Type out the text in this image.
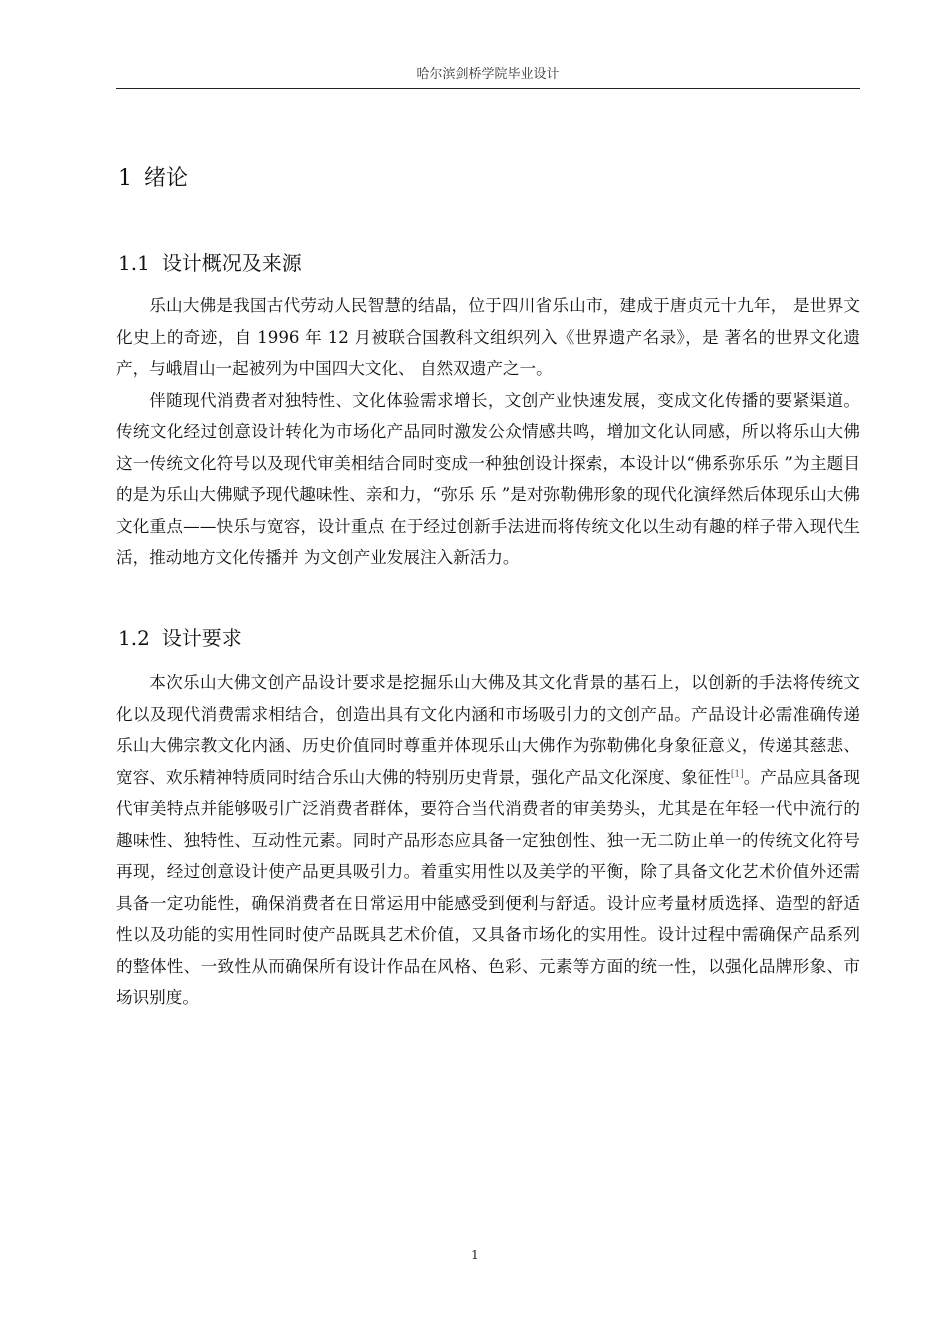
哈尔滨剑桥学院毕业设计
1 绪论
1.1 设计概况及来源

乐山大佛是我国古代劳动人民智慧的结晶，位于四川省乐山市，建成于唐贞元十九年， 是世界文化史上的奇迹，自 1996 年 12 月被联合国教科文组织列入《世界遗产名录》，是 著名的世界文化遗产，与峨眉山一起被列为中国四大文化、 自然双遗产之一。

伴随现代消费者对独特性、文化体验需求增长，文创产业快速发展，变成文化传播的要紧渠道。传统文化经过创意设计转化为市场化产品同时激发公众情感共鸣，增加文化认同感，所以将乐山大佛这一传统文化符号以及现代审美相结合同时变成一种独创设计探索，本设计以“佛系弥乐乐 ”为主题目的是为乐山大佛赋予现代趣味性、亲和力，“弥乐 乐 ”是对弥勒佛形象的现代化演绎然后体现乐山大佛文化重点——快乐与宽容，设计重点 在于经过创新手法进而将传统文化以生动有趣的样子带入现代生活，推动地方文化传播并 为文创产业发展注入新活力。

1.2 设计要求

本次乐山大佛文创产品设计要求是挖掘乐山大佛及其文化背景的基石上，以创新的手法将传统文化以及现代消费需求相结合，创造出具有文化内涵和市场吸引力的文创产品。产品设计必需准确传递乐山大佛宗教文化内涵、历史价值同时尊重并体现乐山大佛作为弥勒佛化身象征意义，传递其慈悲、宽容、欢乐精神特质同时结合乐山大佛的特别历史背景，强化产品文化深度、象征性[1]。产品应具备现代审美特点并能够吸引广泛消费者群体，要符合当代消费者的审美势头，尤其是在年轻一代中流行的趣味性、独特性、互动性元素。同时产品形态应具备一定独创性、独一无二防止单一的传统文化符号再现，经过创意设计使产品更具吸引力。着重实用性以及美学的平衡，除了具备文化艺术价值外还需具备一定功能性，确保消费者在日常运用中能感受到便利与舒适。设计应考量材质选择、造型的舒适性以及功能的实用性同时使产品既具艺术价值，又具备市场化的实用性。设计过程中需确保产品系列的整体性、一致性从而确保所有设计作品在风格、色彩、元素等方面的统一性，以强化品牌形象、市场识别度。

1
